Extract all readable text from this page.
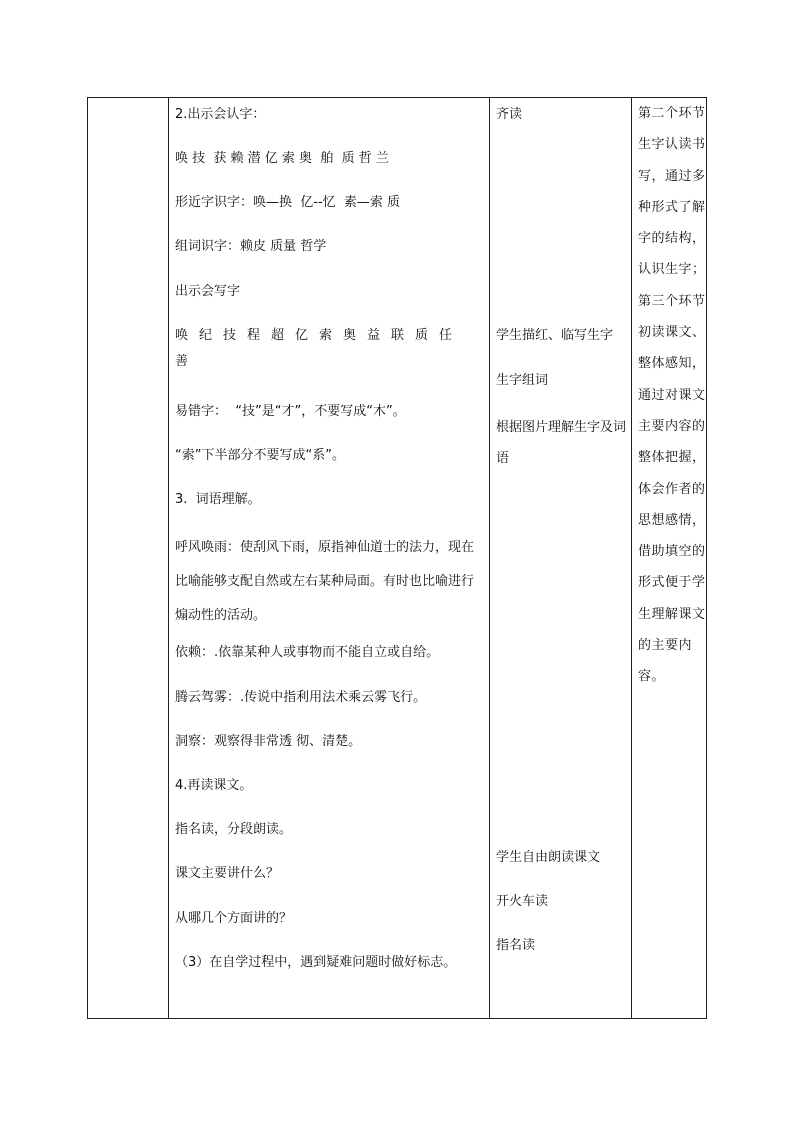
2.出示会认字：
唤 技  获 赖 潜 亿 索 奥  舶  质 哲 兰
形近字识字：唤—换  亿--忆  素—索 质
组词识字：赖皮 质量 哲学
出示会写字
唤纪技程超亿索奥益联质任善
易错字：  “技”是“才”，不要写成“木”。
“索”下半部分不要写成“系”。
3.  词语理解。
呼风唤雨：使刮风下雨，原指神仙道士的法力，现在比喻能够支配自然或左右某种局面。有时也比喻进行煽动性的活动。
依赖：.依靠某种人或事物而不能自立或自给。
腾云驾雾：.传说中指利用法术乘云雾飞行。
洞察：观察得非常透 彻、清楚。
4.再读课文。
指名读，分段朗读。
课文主要讲什么？
从哪几个方面讲的？
（3）在自学过程中，遇到疑难问题时做好标志。
齐读
学生描红、临写生字
生字组词
根据图片理解生字及词语
学生自由朗读课文
开火车读
指名读
第二个环节生字认读书写，通过多种形式了解字的结构，认识生字；第三个环节初读课文、整体感知，通过对课文主要内容的整体把握，体会作者的思想感情，借助填空的形式便于学生理解课文的主要内容。
